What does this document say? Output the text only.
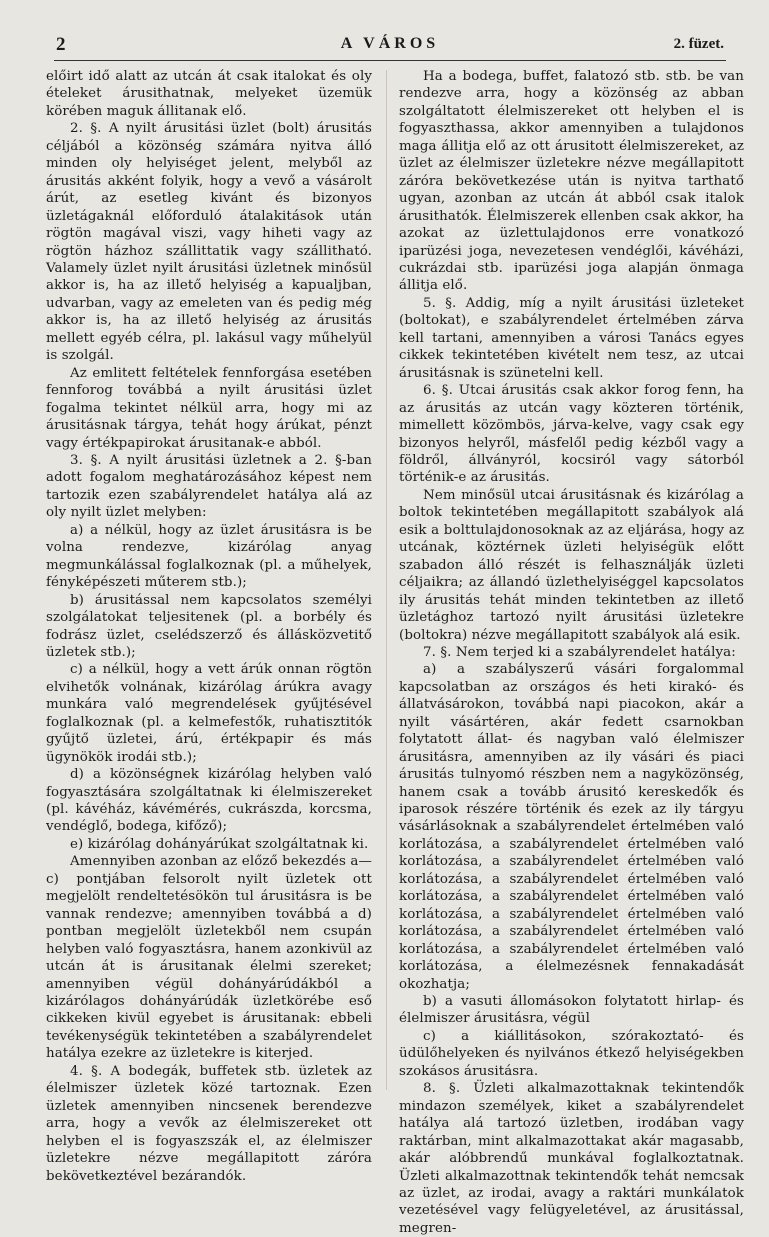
2	A VÁROS	2. füzet.

előirt idő alatt az utcán át csak italokat és oly ételeket árusithatnak, melyeket üzemük körében maguk állitanak elő.

2. §. A nyilt árusitási üzlet (bolt) árusitás céljából a közönség számára nyitva álló minden oly helyiséget jelent, melyből az árusitás akként folyik, hogy a vevő a vásárolt árút, az esetleg kivánt és bizonyos üzletágaknál előforduló átalakitások után rögtön magával viszi, vagy hiheti vagy az rögtön házhoz szállittatik vagy szállitható. Valamely üzlet nyilt árusitási üzletnek minősül akkor is, ha az illető helyiség a kapualjban, udvarban, vagy az emeleten van és pedig még akkor is, ha az illető helyiség az árusitás mellett egyéb célra, pl. lakásul vagy műhelyül is szolgál.

Az emlitett feltételek fennforgása esetében fennforog továbbá a nyilt árusitási üzlet fogalma tekintet nélkül arra, hogy mi az árusitásnak tárgya, tehát hogy árúkat, pénzt vagy értékpapirokat árusitanak-e abból.

3. §. A nyilt árusitási üzletnek a 2. §-ban adott fogalom meghatározásához képest nem tartozik ezen szabályrendelet hatálya alá az oly nyilt üzlet melyben:

a) a nélkül, hogy az üzlet árusitásra is be volna rendezve, kizárólag anyag megmunkálással foglalkoznak (pl. a műhelyek, fényképészeti műterem stb.);

b) árusitással nem kapcsolatos személyi szolgálatokat teljesitenek (pl. a borbély és fodrász üzlet, cselédszerző és állásközvetitő üzletek stb.);

c) a nélkül, hogy a vett árúk onnan rögtön elvihetők volnának, kizárólag árúkra avagy munkára való megrendelések gyűjtésével foglalkoznak (pl. a kelmefestők, ruhatisztitók gyűjtő üzletei, árú, értékpapir és más ügynökök irodái stb.);

d) a közönségnek kizárólag helyben való fogyasztására szolgáltatnak ki élelmiszereket (pl. kávéház, kávémérés, cukrászda, korcsma, vendéglő, bodega, kifőző);

e) kizárólag dohányárúkat szolgáltatnak ki.

Amennyiben azonban az előző bekezdés a—c) pontjában felsorolt nyilt üzletek ott megjelölt rendeltetésökön tul árusitásra is be vannak rendezve; amennyiben továbbá a d) pontban megjelölt üzletekből nem csupán helyben való fogyasztásra, hanem azonkivül az utcán át is árusitanak élelmi szereket; amennyiben végül dohányárúdákból a kizárólagos dohányárúdák üzletkörébe eső cikkeken kivül egyebet is árusitanak: ebbeli tevékenységük tekintetében a szabályrendelet hatálya ezekre az üzletekre is kiterjed.

4. §. A bodegák, buffetek stb. üzletek az élelmiszer üzletek közé tartoznak. Ezen üzletek amennyiben nincsenek berendezve arra, hogy a vevők az élelmiszereket ott helyben el is fogyaszszák el, az élelmiszer üzletekre nézve megállapitott záróra bekövetkeztével bezárandók.

Ha a bodega, buffet, falatozó stb. stb. be van rendezve arra, hogy a közönség az abban szolgáltatott élelmiszereket ott helyben el is fogyaszthassa, akkor amennyiben a tulajdonos maga állitja elő az ott árusitott élelmiszereket, az üzlet az élelmiszer üzletekre nézve megállapitott záróra bekövetkezése után is nyitva tarthatő ugyan, azonban az utcán át abból csak italok árusithatók. Élelmiszerek ellenben csak akkor, ha azokat az üzlettulajdonos erre vonatkozó iparüzési joga, nevezetesen vendéglői, kávéházi, cukrázdai stb. iparüzési joga alapján önmaga állitja elő.

5. §. Addig, míg a nyilt árusitási üzleteket (boltokat), e szabályrendelet értelmében zárva kell tartani, amennyiben a városi Tanács egyes cikkek tekintetében kivételt nem tesz, az utcai árusitásnak is szünetelni kell.

6. §. Utcai árusitás csak akkor forog fenn, ha az árusitás az utcán vagy közteren történik, mimellett közömbös, járva-kelve, vagy csak egy bizonyos helyről, másfelől pedig kézből vagy a földről, állványról, kocsiról vagy sátorból történik-e az árusitás.

Nem minősül utcai árusitásnak és kizárólag a boltok tekintetében megállapitott szabályok alá esik a bolttulajdonosoknak az az eljárása, hogy az utcának, köztérnek üzleti helyiségük előtt szabadon álló részét is felhasználják üzleti céljaikra; az állandó üzlethelyiséggel kapcsolatos ily árusitás tehát minden tekintetben az illető üzletághoz tartozó nyilt árusitási üzletekre (boltokra) nézve megállapitott szabályok alá esik.

7. §. Nem terjed ki a szabályrendelet hatálya:

a) a szabályszerű vásári forgalommal kapcsolatban az országos és heti kirakó- és állatvásárokon, továbbá napi piacokon, akár a nyilt vásártéren, akár fedett csarnokban folytatott állat- és nagyban való élelmiszer árusitásra, amennyiben az ily vásári és piaci árusitás tulnyomó részben nem a nagyközönség, hanem csak a tovább árusitó kereskedők és iparosok részére történik és ezek az ily tárgyu vásárlásoknak a szabályrendelet értelmében való korlátozása, a szabályrendelet értelmében való korlátozása, a szabályrendelet értelmében való korlátozása, a szabályrendelet értelmében való korlátozása, a szabályrendelet értelmében való korlátozása, a szabályrendelet értelmében való korlátozása, a szabályrendelet értelmében való korlátozása, a szabályrendelet értelmében való korlátozása, a élelmezésnek fennakadását okozhatja;

b) a vasuti állomásokon folytatott hirlap- és élelmiszer árusitásra, végül

c) a kiállitásokon, szórakoztató- és üdülőhelyeken és nyilvános étkező helyiségekben szokásos árusitásra.

8. §. Üzleti alkalmazottaknak tekintendők mindazon személyek, kiket a szabályrendelet hatálya alá tartozó üzletben, irodában vagy raktárban, mint alkalmazottakat akár magasabb, akár alóbbrendű munkával foglalkoztatnak. Üzleti alkalmazottnak tekintendők tehát nemcsak az üzlet, az irodai, avagy a raktári munkálatok vezetésével vagy felügyeletével, az árusitással, megren-
